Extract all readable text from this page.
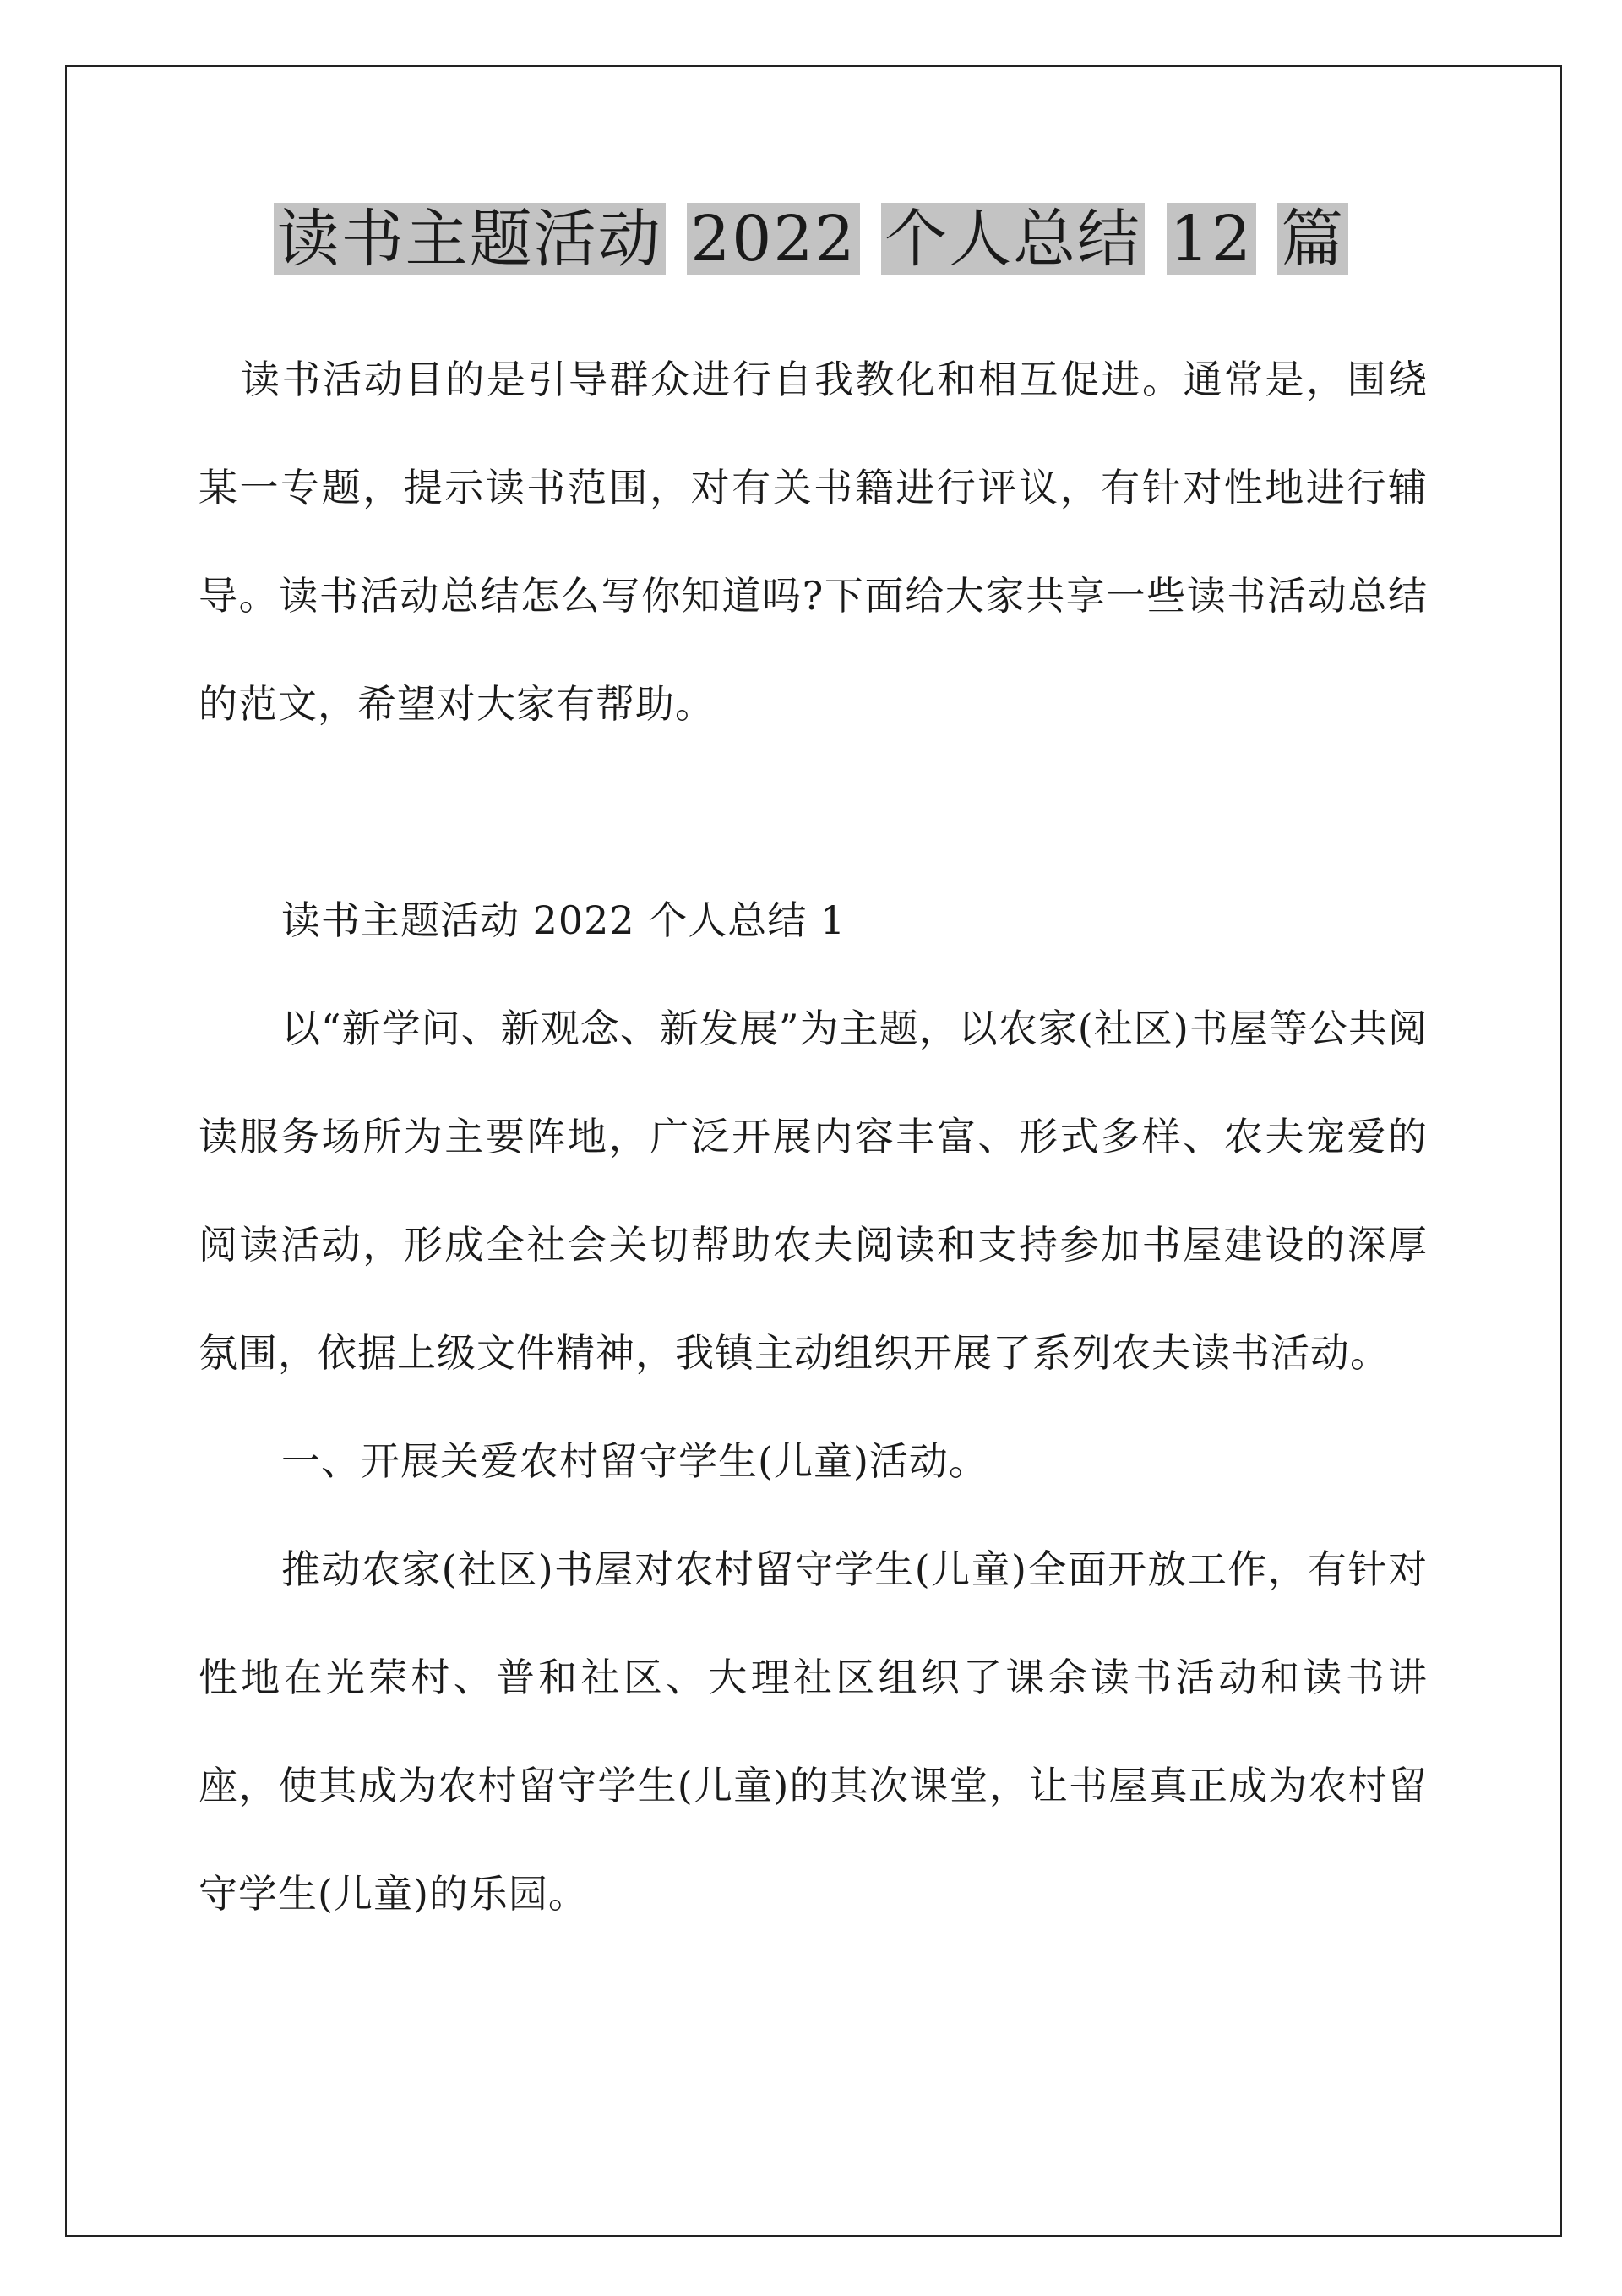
读书主题活动 2022 个人总结 12 篇

读书活动目的是引导群众进行自我教化和相互促进。通常是，围绕某一专题，提示读书范围，对有关书籍进行评议，有针对性地进行辅导。读书活动总结怎么写你知道吗?下面给大家共享一些读书活动总结的范文，希望对大家有帮助。

读书主题活动 2022 个人总结 1

以“新学问、新观念、新发展”为主题，以农家(社区)书屋等公共阅读服务场所为主要阵地，广泛开展内容丰富、形式多样、农夫宠爱的阅读活动，形成全社会关切帮助农夫阅读和支持参加书屋建设的深厚氛围，依据上级文件精神，我镇主动组织开展了系列农夫读书活动。

一、开展关爱农村留守学生(儿童)活动。

推动农家(社区)书屋对农村留守学生(儿童)全面开放工作，有针对性地在光荣村、普和社区、大理社区组织了课余读书活动和读书讲座，使其成为农村留守学生(儿童)的其次课堂，让书屋真正成为农村留守学生(儿童)的乐园。
